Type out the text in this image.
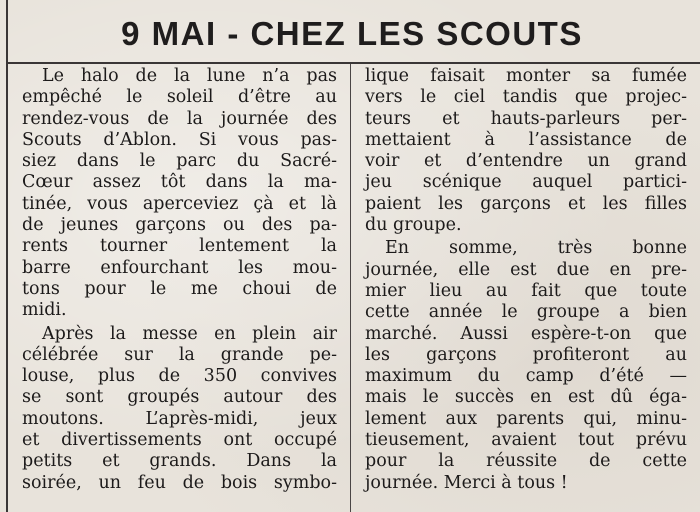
9 MAI - CHEZ LES SCOUTS
Le halo de la lune n’a pas
empêché le soleil d’être au
rendez-vous de la journée des
Scouts d’Ablon. Si vous pas-
siez dans le parc du Sacré-
Cœur assez tôt dans la ma-
tinée, vous aperceviez çà et là
de jeunes garçons ou des pa-
rents tourner lentement la
barre enfourchant les mou-
tons pour le me choui de
midi.
Après la messe en plein air
célébrée sur la grande pe-
louse, plus de 350 convives
se sont groupés autour des
moutons. L’après-midi, jeux
et divertissements ont occupé
petits et grands. Dans la
soirée, un feu de bois symbo-
lique faisait monter sa fumée
vers le ciel tandis que projec-
teurs et hauts-parleurs per-
mettaient à l’assistance de
voir et d’entendre un grand
jeu scénique auquel partici-
paient les garçons et les filles
du groupe.
En somme, très bonne
journée, elle est due en pre-
mier lieu au fait que toute
cette année le groupe a bien
marché. Aussi espère-t-on que
les garçons profiteront au
maximum du camp d’été —
mais le succès en est dû éga-
lement aux parents qui, minu-
tieusement, avaient tout prévu
pour la réussite de cette
journée. Merci à tous !
